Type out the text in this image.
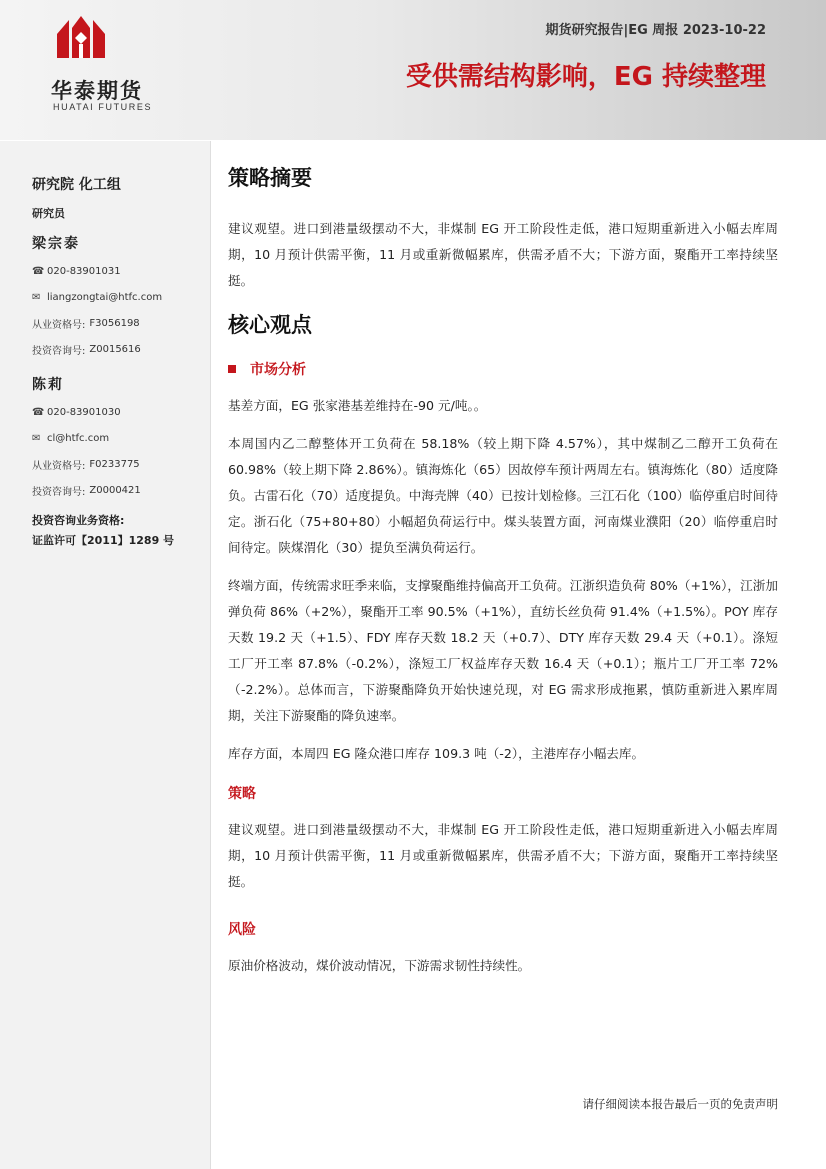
华泰期货
HUATAI FUTURES
期货研究报告|EG 周报 2023-10-22
受供需结构影响，EG 持续整理
研究院 化工组
研究员
梁宗泰
☎ 020-83901031
✉ liangzongtai@htfc.com
从业资格号: F3056198
投资咨询号: Z0015616
陈莉
☎ 020-83901030
✉ cl@htfc.com
从业资格号: F0233775
投资咨询号: Z0000421
投资咨询业务资格:
证监许可【2011】1289 号
策略摘要

建议观望。进口到港量级摆动不大，非煤制 EG 开工阶段性走低，港口短期重新进入小幅去库周期，10 月预计供需平衡，11 月或重新微幅累库，供需矛盾不大；下游方面，聚酯开工率持续坚挺。

核心观点

市场分析

基差方面，EG 张家港基差维持在-90 元/吨。。

本周国内乙二醇整体开工负荷在 58.18%（较上期下降 4.57%），其中煤制乙二醇开工负荷在 60.98%（较上期下降 2.86%）。镇海炼化（65）因故停车预计两周左右。镇海炼化（80）适度降负。古雷石化（70）适度提负。中海壳牌（40）已按计划检修。三江石化（100）临停重启时间待定。浙石化（75+80+80）小幅超负荷运行中。煤头装置方面，河南煤业濮阳（20）临停重启时间待定。陕煤渭化（30）提负至满负荷运行。

终端方面，传统需求旺季来临，支撑聚酯维持偏高开工负荷。江浙织造负荷 80%（+1%），江浙加弹负荷 86%（+2%），聚酯开工率 90.5%（+1%），直纺长丝负荷 91.4%（+1.5%）。POY 库存天数 19.2 天（+1.5）、FDY 库存天数 18.2 天（+0.7）、DTY 库存天数 29.4 天（+0.1）。涤短工厂开工率 87.8%（-0.2%），涤短工厂权益库存天数 16.4 天（+0.1）；瓶片工厂开工率 72%（-2.2%）。总体而言，下游聚酯降负开始快速兑现，对 EG 需求形成拖累，慎防重新进入累库周期，关注下游聚酯的降负速率。

库存方面，本周四 EG 隆众港口库存 109.3 吨（-2），主港库存小幅去库。

策略

建议观望。进口到港量级摆动不大，非煤制 EG 开工阶段性走低，港口短期重新进入小幅去库周期，10 月预计供需平衡，11 月或重新微幅累库，供需矛盾不大；下游方面，聚酯开工率持续坚挺。

风险

原油价格波动，煤价波动情况，下游需求韧性持续性。

请仔细阅读本报告最后一页的免责声明
